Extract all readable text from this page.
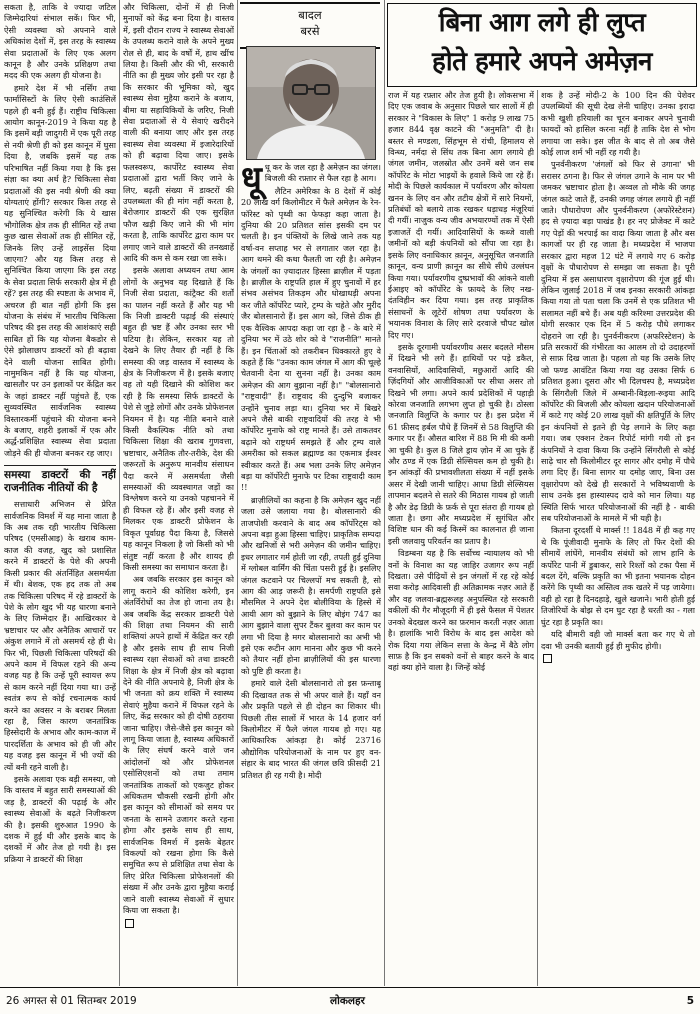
सकता है, ताकि वे ज्यादा जटिल जिम्मेदारियां संभाल सकें। फिर भी, ऐसी व्यवस्था को अपनाने वाले अधिकांश देशों में, इस तरह के स्वास्थ्य सेवा प्रदाताओं के लिए एक अलग कानून है और उनके प्रशिक्षण तथा मदद की एक अलग ही योजना है।

हमारे देश में भी नर्सिंग तथा फार्मासिस्टों के लिए ऐसी काउंसिलें पहले ही बनी हुई हैं। राष्ट्रीय चिकित्सा आयोग कानून-2019 ने किया यह है कि इसमें बड़ी जादुगरी में एक पूरी तरह से नयी श्रेणी ही को इस कानून में घुसा दिया है, जबकि इसमें यह तक परिभाषित नहीं किया गया है कि इस संज्ञा का क्या अर्थ है? चिकित्सा सेवा प्रदाताओं की इस नयी श्रेणी की क्या योग्यताएं होंगी? सरकार किस तरह से यह सुनिश्चित करेगी कि ये खास भौगोलिक क्षेत्र तक ही सीमित रहें तथा कुछ खास सेवाओं तक ही सीमित रहें, जिनके लिए उन्हें लाइसेंस दिया जाएगा? और यह किस तरह से सुनिश्चित किया जाएगा कि इस तरह के सेवा प्रदाता सिर्फ सरकारी क्षेत्र में ही रहें? इस तरह की स्पष्टता के अभाव में, अचरज ही बात नहीं होगी कि इस योजना के संबंध में भारतीय चिकित्सा परिषद की इस तरह की आशंकाएं सही साबित हों कि यह योजना बैकडोर से ऐसे झोलाछाप डाक्टरों को ही बढ़ावा देने वाली योजना साबित होगी। नामुमकिन नहीं है कि यह योजना, खासतौर पर उन इलाकों पर केंद्रित कर के जहां डाक्टर नहीं पहुंचते हैं, एक सुव्यवस्थित सार्वजनिक स्वास्थ्य विस्तारकर्मी पहुंचाने की योजना बनने के बजाए, शहरी इलाकों में एक और अर्द्ध-प्रशिक्षित स्वास्थ्य सेवा प्रदाता जोड़ने की ही योजना बनकर रह जाए।

समस्या डाक्टरों की नहीं राजनीतिक नीतियों की है

सत्ताधारी अभिजन से प्रेरित सार्वजनिक विमर्श में यह माना जाता है कि अब तक रही भारतीय चिकित्सा परिषद (एमसीआइ) के खराब काम-काज की वजह, खुद को प्रशासित करने में डाक्टरों के पेशे की अपनी किसी प्रकार की अंतर्निहित असमर्थता में थी। बेशक, एक हद तक तो अब तक चिकित्सा परिषद में रहे डाक्टरों के पेशे के लोग खुद भी यह धारणा बनाने के लिए जिम्मेदार हैं। आखिरकार वे भ्रष्टाचार पर और अनैतिक आचारों पर अंकुश लगाने में तो असमर्थ रहे ही थे। फिर भी, पिछली चिकित्सा परिषदों की अपने काम में विफल रहने की अन्य वजह यह है कि उन्हें पूरी स्वायत्त रूप से काम करने नहीं दिया गया था। उन्हें स्वतंत्र रूप से कोई रचनात्मक कार्य करने का अवसर न के बराबर मिलता रहा है, जिस कारण जनतांत्रिक हिस्सेदारी के अभाव और काम-काज में पारदर्शिता के अभाव को ही जी और यह वजह इस कानून में भी ज्यों की त्यों बनी रहने वाली है।

इसके अलावा एक बड़ी समस्या, जो कि वास्तव में बहुत सारी समस्याओं की जड़ है, डाक्टरों की पढ़ाई के और स्वास्थ्य सेवाओं के बढ़ते निजीकरण की है। इसकी शुरुआत 1990 के दशक में हुई थी और इसके बाद के दशकों में और तेज हो गयी है। इस प्रक्रिया ने डाक्टरों की शिक्षा

और चिकित्सा, दोनों में ही निजी मुनाफों को केंद्र बना दिया है। वास्तव में, इसी दौरान राज्य ने स्वास्थ्य सेवाओं के उपलब्ध कराने वाले के अपने मुख्य रोल से ही, बाद के वर्षों में, हाथ खींच लिया है। किसी और की भी, सरकारी नीति का ही मुख्य जोर इसी पर रहा है कि सरकार की भूमिका को, खुद स्वास्थ्य सेवा मुहैया कराने के बजाय, बीमा या सहायिकियों के जरिए, निजी सेवा प्रदाताओं से ये सेवाएं खरीदने वाली की बनाया जाए और इस तरह स्वास्थ्य सेवा व्यवस्था में इजारेदारियों को ही बढ़ावा दिया जाए। इसके फलस्वरूप, कार्पोरेट स्वास्थ्य सेवा प्रदाताओं द्वारा भर्ती किए जाने के लिए, बढ़ती संख्या में डाक्टरों की उपलब्धता की ही मांग नहीं करता है, बेरोजगार डाक्टरों की एक सुरक्षित फौज खड़ी किए जाने की भी मांग करता है, ताकि कार्पोरेट द्वारा काम पर लगाए जाने वाले डाक्टरों की तनख्वाहें आदि की कम से कम रखा जा सके।

इसके अलावा अध्ययन तथा आम लोगों के अनुभव यह दिखाते हैं कि निजी सेवा प्रदाता, कांट्रैक्ट की शर्तों का पालन नहीं करते हैं और यह भी कि निजी डाक्टरी पढ़ाई की संस्थाएं बहुत ही भ्रष्ट हैं और उनका स्तर भी घटिया है। लेकिन, सरकार यह तो देखने के लिए तैयार ही नहीं है कि समस्या की जड़ वास्तव में स्वास्थ्य के क्षेत्र के निजीकरण में है। इसके बजाए वह तो यही दिखाने की कोशिश कर रही है कि समस्या सिर्फ डाक्टरों के पेशे से जुड़े लोगों और उनके प्रोफेशनल नियमन में है। यह नीति बनाने वाले किसी वैकल्पिक नीति को तथा चिकित्सा शिक्षा की खराब गुणवत्ता, भ्रष्टाचार, अनैतिक तौर-तरीके, देश की जरूरतों के अनुरूप मानवीय संसाधन पैदा करने में असमर्थता जैसी समस्याओं की व्यवस्थागत जड़ों का विश्लेषण करने या उनको पहचानने में ही विफल रहे हैं। और इसी वजह से मिलकर एक डाक्टरी प्रोफेशन के विकृत पूर्वाग्रह पैदा किया है, जिससे यह कानून निकला है जो किसी को भी संतुष्ट नहीं करता है और शायद ही किसी समस्या का समाधान करता है।

अब जबकि सरकार इस कानून को लागू कराने की कोशिश करेगी, इन अंतर्विरोधों का तेज हो जाना तय है। अब जबकि केंद्र सरकार डाक्टरी पेशे की शिक्षा तथा नियमन की सारी शक्तियां अपने हाथों में केंद्रित कर रही है और इसके साथ ही साथ निजी स्वास्थ्य रक्षा सेवाओं को तथा डाक्टरी शिक्षा के क्षेत्र में निजी क्षेत्र को बढ़ावा देने की नीति अपनाये है, निजी क्षेत्र के भी जनता को क्रय शक्ति में स्वास्थ्य सेवाएं मुहैया कराने में विफल रहने के लिए, केंद्र सरकार को ही दोषी ठहराया जाना चाहिए। जैसे-जैसे इस कानून को लागू किया जाता है, स्वास्थ्य अधिकारों के लिए संघर्ष करने वाले जन आंदोलनों को और प्रोफेशनल एसोसिएशनों को तथा तमाम जनतांत्रिक ताकतों को एकजुट होकर अधिकतम चौकसी रखनी होगी और इस कानून को सीमाओं को समय पर जनता के सामने उजागर करते रहना होगा और इसके साथ ही साथ, सार्वजनिक विमर्श में इसके बेहतर विकल्पों को रखना होगा कि कैसे समुचित रूप से प्रशिक्षित तथा सेवा के लिए प्रेरित चिकित्सा प्रोफेशनलों की संख्या में और उनके द्वारा मुहैया कराई जाने वाली स्वास्थ्य सेवाओं में सुधार किया जा सकता है।

बादल
बरसे
धू धू कर के जल रहा है अमेज़न का जंगल। बिजली की रफ़्तार से फैल रहा है आग।

लैटिन अमेरिका के 8 देशों में कोई 20 लाख वर्ग किलोमीटर में फैले अमेज़न के रेन-फॉरेस्ट को पृथ्वी का फेफड़ा कहा जाता है। दुनिया की 20 प्रतिशत सांस इसकी दम पर चलती है। इन पंक्तियों के लिखे जाने तक यह वर्षा-वन सप्ताह भर से लगातार जल रहा है। आग थमने की कथा फैलती जा रही है। अमेज़न के जंगलों का ज़्यादातर हिस्सा ब्राज़ील में पड़ता है। ब्राज़ील के राष्ट्रपति हाल में हुए चुनावों में हर संभव असंभव तिकड़म और धोखाधड़ी अपना कर जीते कॉर्पोरेट प्यारे, ट्रम्प के चहेते और मुरीद जैर बोलसानारो हैं। इस आग को, जिसे ठीक ही एक वैश्विक आपदा कहा जा रहा है - के बारे में दुनिया भर में उठे शोर को वे "राजनीति" मानते हैं। इन चिंताओं को तकरीबन धिक्कारते हुए वे कहते हैं कि "उनका काम जंगल में आग की चूल्हे चेतवानी देना या सुनना नहीं है। उनका काम अमेज़न की आग बुझाना नहीं है।" "बोलसानारो "राष्ट्रवादी" हैं। राष्ट्रवाद की दुन्दुभि बजाकर उन्होंने चुनाव लड़ा था। दुनिया भर में बिखरे अपने जैसे बाकी राष्ट्रवादियों की तरह वे भी कॉर्पोरेट मुनाफे को राष्ट्र मानते हैं। उसे ताकतवर बढ़ाने को राष्ट्रधर्म समझते हैं और ट्रम्प वाले अमरीका को सकल ब्रह्माण्ड का एकमात्र ईश्वर स्वीकार करते हैं। अब भला उनके लिए अमेज़न बड़ा या कॉर्पोरेटी मुनाफे पर टिका राष्ट्रवादी काम !!

ब्राज़ीलियों का कहना है कि अमेज़न खुद नहीं जला उसे जलाया गया है। बोलसानारो की ताजपोशी करवाने के बाद अब कॉर्पोरेट्स को अपना बड़ा हुआ हिस्सा चाहिए। प्राकृतिक सम्पदा और खनिजों से भरी अमेज़न की जमीन चाहिए। इधर लगातार गर्म होती जा रही, तपती हुई दुनिया में ग्लोबल वार्मिंग की चिंता पसरी हुई है। इसलिए जंगल कटवाने पर चिल्लपों मच सकती है, सो आग की आड़ जरूरी है। समर्पणी राष्ट्रपति इसे मौसमिल ने अपने देश बोलीविया के हिस्से में आयी आग को बुझाने के लिए बोइंग 747 का आग बुझाने वाला सुपर टैंकर बुलवा कर काम पर लगा भी दिया है मगर बोलसानारो का अभी भी इसे एक रूटीन आग मानना और कुछ भी करने को तैयार नहीं होना ब्राज़ीलियों की इस धारणा को पुष्टि ही करता है।

हमारे वाले देसी बोलसानारो तो इस फ़न्ताबू की दिखावत तक से भी अपर वाले हैं। यहाँ वन और प्रकृति पहले से ही दोहन का शिकार थी। पिछली तीस सालों में भारत के 14 हजार वर्ग किलोमीटर में फैले जंगल गायब हो गए। यह आधिकारिक आंकड़ा है। कोई 23716 औद्योगिक परियोजनाओं के नाम पर हुए वन-संहार के बाद भारत की जंगल छवि फ़ीसदी 21 प्रतिशत ही रह गयी है। मोदी

बिना आग लगे ही लुप्त
होते हमारे अपने अमेज़न

राज में यह रफ़्तार और तेज हुयी है। लोकसभा में दिए एक जवाब के अनुसार पिछले चार सालों में ही सरकार ने "विकास के लिए" 1 करोड़ 9 लाख 75 हजार 844 वृक्ष काटने की "अनुमति" दी है। बस्तर से मण्डला, सिंहभूम से रांची, हिमालय से विन्ध्य, नर्मदा से सिंध तक बिना आग लगाये ही जंगल जमीन, जलस्रोत और उनमें बसे जन सब कॉर्पोरेट के मोटा भाइयों के हवाले किये जा रहे हैं। मोदी के पिछले कार्यकाल में पर्यावरण और कोयला खनन के लिए वन और तटीय क्षेत्रों में सारे नियमों, प्रतिबंधों को बलाये ताक रखकर धड़ाधड़ मंज़ूरियां दी गयीं। नाजुक वन्य जीव अभयारण्यों तक में ऐसी इजाजतें दी गयीं। आदिवासियों के कब्जे वाली जमीनों को बड़ी कंपनियों को सौंपा जा रहा है। इसके लिए वनाधिकार क़ानून, अनुसूचित जनजाति क़ानून, वन्य प्राणी क़ानून का सीधे सीधे उल्लंघन किया गया। पर्यावरणीय दुष्प्रभावों की आंकने वाली ईआइए को कॉर्पोरेट के फ़ायदे के लिए नख-दंतविहीन कर दिया गया। इस तरह प्राकृतिक संसाधनों के लूटेरों शोषण तथा पर्यावरण के भयानक विनाश के लिए सारे दरवाजे चौपट खोल दिए गए।

इसके दूरगामी पर्यावरणीय असर बदलते मौसम में दिखने भी लगे हैं। हाथियों पर पड़े डकैत, वनवासियों, आदिवासियों, मछुआरों आदि की ज़िंदगियों और आजीविकाओं पर सीधा असर तो दिखने भी लगा। अपने कार्य प्रदेशिकों में पहाड़ी कोरवा जनजाति लगभग लुप्त हो चुकी है। ठोस्ला जनजाति विलुप्ति के कगार पर है। इस प्रदेश में 61 फ़ीसद हर्बल पौधे हैं जिनमें से 58 विलुप्ति की कगार पर हैं। औसत बारिश में 88 मि मी की कमी आ चुकी है। कुल 8 जिले ड्राय ज़ोन में आ चुके हैं और ठण्ड में एक डिग्री सेल्सियस कम हो चुकी है। इन आंकड़ों की प्रभावशीलता संख्या में नहीं इसके असर में देखी जानी चाहिए। आधा डिग्री सेल्सियस तापमान बदलने से सतरे की मिठास गायब हो जाती है और डेढ़ डिग्री के फ़र्क से पूरा संतरा ही गायब हो जाता है। छगा और मध्यप्रदेश में सुगंधित और विशिष्ट धान की कई किस्में का कालनात ही जाना इसी जलवायु परिवर्तन का प्रताप है।

विडम्बना यह है कि सर्वोच्च न्यायालय को भी वनों के विनाश का यह जाहिर उजागर रूप नहीं दिखता। उसे पीढ़ियों से इन जंगलों में रह रहे कोई सवा करोड़ आदिवासी ही अतिक्रामक नज़र आते हैं और वह जलवा-ब्रह्मरूलह अनुपस्थित रहे सरकारी वकीलों की गैर मौजूदगी में ही इसे फैसल में पेशतर उनको बेदखल करने का फ़रमान करती नज़र आता है। हालांकि भारी विरोध के बाद इस आदेश को रोक दिया गया लेकिन सत्ता के केन्द्र में बैठे लोग साफ़ है कि इन सबको वनों से बाहर करने के बाद वहां क्या होने वाला है। जिन्हें कोई

शक है उन्हें मोदी-2 के 100 दिन की पेशेवर उपलब्धियों की सूची देख लेनी चाहिए। उनका इरादा कभी खुशी हरियाली का चूरन बनाकर अपने चुनावी फायदों को हासिल करना नहीं है ताकि देश से भोग लगाया जा सके। इस जीत के बाद से तो अब जैसे कोई लाज शर्म भी नहीं रह गयी है।

पुनर्वनीकरण 'जंगलों को फिर से उगाना' भी सरासर ठगना है। फिर से जंगल उगाने के नाम पर भी जमकर भ्रष्टाचार होता है। अव्वल तो मौके की जगह जंगल काटे जाते हैं, उनकी जगह जंगल लगाये ही नहीं जाते। पौधारोपण और पुनर्वनीकरण (अफोरेस्टेशन) हद से ज़्यादा बड़ा पाखंड है। हर नए प्रोजेक्ट में काटे गए पेड़ों की भरपाई का वादा किया जाता है और बस कागजों पर ही रह जाता है। मध्यप्रदेश में भाजपा सरकार द्वारा महज 12 घंटे में लगाये गए 6 करोड़ वृक्षों के पौधारोपण से समझा जा सकता है। पूरी दुनिया में इस असाधारण वृक्षारोपण की गूंज हुई थी। लेकिन जुलाई 2018 में जब इनका सरकारी आंकड़ा किया गया तो पता चला कि उनमें से एक प्रतिशत भी सलामत नहीं बचे हैं। अब यही करिश्मा उत्तरप्रदेश की योगी सरकार एक दिन में 5 करोड़ पौधे लगाकर दोहराने जा रही है। पुनर्वनीकरण (अफरिस्टेशन) के प्रति सरकारों की गंभीरता का आलम तो दो उदाहरणों से साफ़ दिख जाता है। पहला तो यह कि उसके लिए जो फण्ड आवंटित किया गया वह उसका सिर्फ 6 प्रतिशत हुआ। दूसरा और भी दिलचस्प है, मध्यप्रदेश के सिंगरौली जिले में अम्बानी-बिड़ला-रूइया आदि कॉर्पोरेट की बिजली और कोयला खदान परियोजनाओं में काटे गए कोई 20 लाख वृक्षों की क्षतिपूर्ति के लिए इन कंपनियों से इतने ही पेड़ लगाने के लिए कहा गया। जब एक्शन टेकन रिपोर्ट मांगी गयी तो इन कंपनियों ने दावा किया कि उन्होंने सिंगरौली से कोई साढ़े चार सौ किलोमीटर दूर सागर और दमोह में पौधे लगा दिए हैं। बिना सागर या दमोह जाए, बिना उस वृक्षारोपण को देखे ही सरकारों ने भविष्यवाणी के साथ उनके इस हास्यास्पद दावे को मान लिया। यह स्थिति सिर्फ भारत परियोजनाओं की नहीं है - बाकी सब परियोजनाओं के मामले में भी यही है।

कितना दूरदर्शी थे मार्क्स !! 1848 में ही कह गए थे कि पूंजीवादी मुनाफे के लिए तो फिर देशों की सीमायें लांघेंगे, मानवीय संबंधों को लाभ हानि के कर्पोरेट पानी में डुबाकर, सारे रिश्तों को टका पैसा में बदल देंगे, बल्कि प्रकृति का भी इतना भयानक दोहन करेंगे कि पृथ्वी का अस्तित्व तक खतरे में पड़ जायेगा। वही हो रहा है दिनदहाड़े, खुले खजाने। भारी होती हुई तिजोरियों के बोझ से दम घुट रहा है धरती का - गला घुंट रहा है प्रकृति का।

यदि बीमारी वही जो मार्क्स बता कर गए थे तो दवा भी उनकी बतायी हुई ही मुफीद होगी।

26 अगस्त से 01 सितम्बर 2019	लोकलहर	5
